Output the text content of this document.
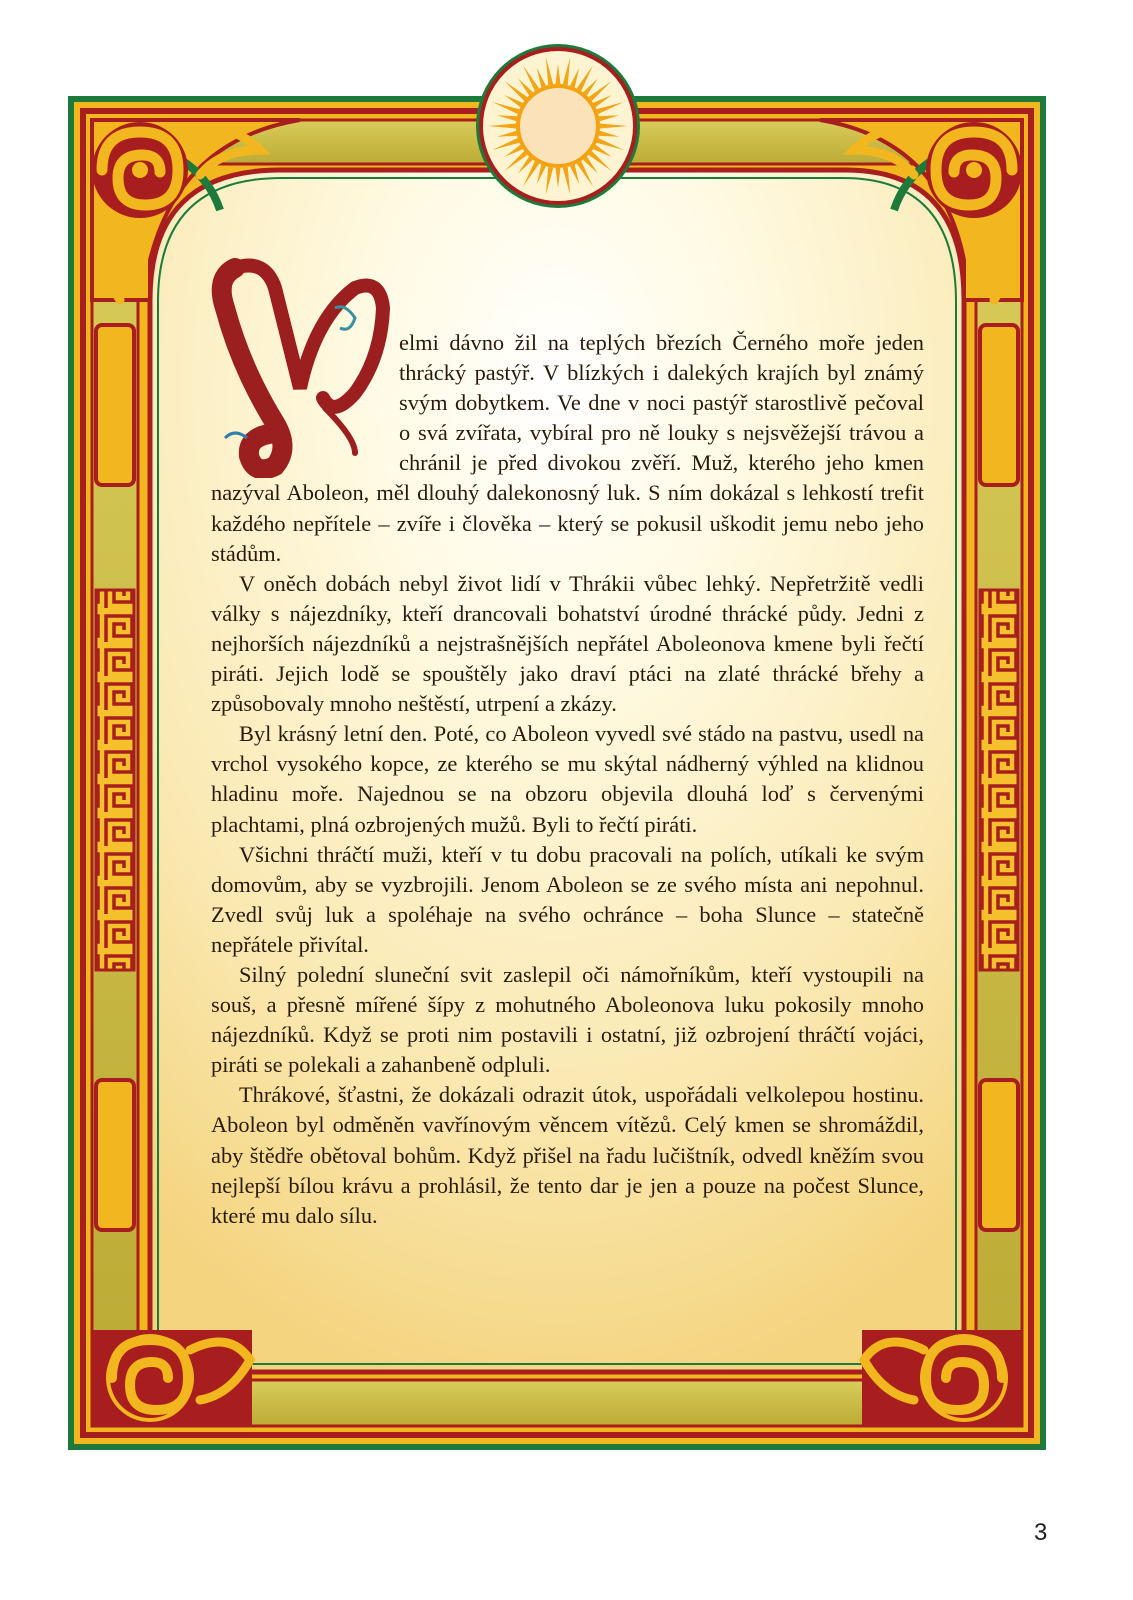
elmi dávno žil na teplých březích Černého moře jeden thrácký pastýř. V blízkých i dalekých krajích byl známý svým dobytkem. Ve dne v noci pastýř starostlivě pečoval o svá zvířata, vybíral pro ně louky s nejsvěžejší trávou a chránil je před divokou zvěří. Muž, kterého jeho kmen nazýval Aboleon, měl dlouhý dalekonosný luk. S ním dokázal s lehkostí trefit každého nepřítele – zvíře i člověka – který se pokusil uškodit jemu nebo jeho stádům.

V oněch dobách nebyl život lidí v Thrákii vůbec lehký. Nepřetržitě vedli války s nájezdníky, kteří drancovali bohatství úrodné thrácké půdy. Jedni z nejhorších nájezdníků a nejstrašnějších nepřátel Aboleonova kmene byli řečtí piráti. Jejich lodě se spouštěly jako draví ptáci na zlaté thrácké břehy a způsobovaly mnoho neštěstí, utrpení a zkázy.

Byl krásný letní den. Poté, co Aboleon vyvedl své stádo na pastvu, usedl na vrchol vysokého kopce, ze kterého se mu skýtal nádherný výhled na klidnou hladinu moře. Najednou se na obzoru objevila dlouhá loď s červenými plachtami, plná ozbrojených mužů. Byli to řečtí piráti.

Všichni thráčtí muži, kteří v tu dobu pracovali na polích, utíkali ke svým domovům, aby se vyzbrojili. Jenom Aboleon se ze svého místa ani nepohnul. Zvedl svůj luk a spoléhaje na svého ochránce – boha Slunce – statečně nepřátele přivítal.

Silný polední sluneční svit zaslepil oči námořníkům, kteří vystoupili na souš, a přesně mířené šípy z mohutného Aboleonova luku pokosily mnoho nájezdníků. Když se proti nim postavili i ostatní, již ozbrojení thráčtí vojáci, piráti se polekali a zahanbeně odpluli.

Thrákové, šťastni, že dokázali odrazit útok, uspořádali velkolepou hostinu. Aboleon byl odměněn vavřínovým věncem vítězů. Celý kmen se shromáždil, aby štědře obětoval bohům. Když přišel na řadu lučištník, odvedl kněžím svou nejlepší bílou krávu a prohlásil, že tento dar je jen a pouze na počest Slunce, které mu dalo sílu.

3
